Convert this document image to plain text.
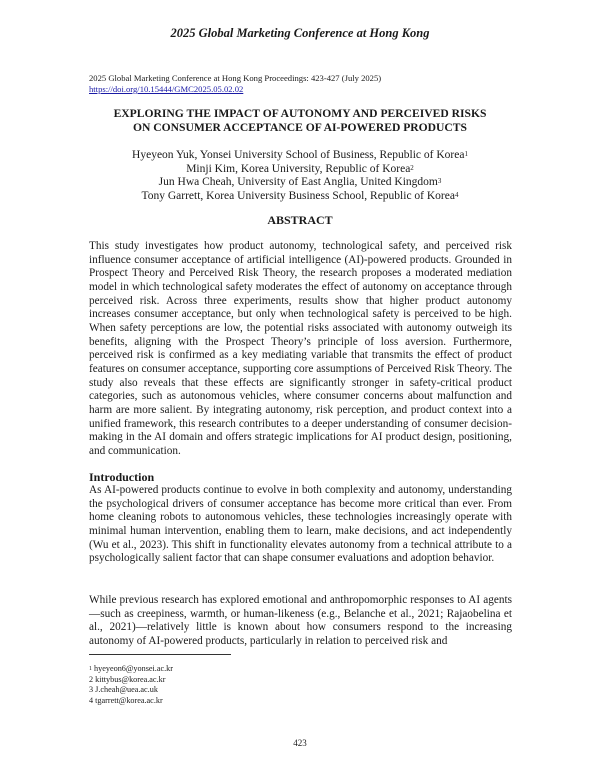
2025 Global Marketing Conference at Hong Kong
2025 Global Marketing Conference at Hong Kong Proceedings: 423-427 (July 2025)
https://doi.org/10.15444/GMC2025.05.02.02
EXPLORING THE IMPACT OF AUTONOMY AND PERCEIVED RISKS
ON CONSUMER ACCEPTANCE OF AI-POWERED PRODUCTS
Hyeyeon Yuk, Yonsei University School of Business, Republic of Korea$^1$
Minji Kim, Korea University, Republic of Korea$^2$
Jun Hwa Cheah, University of East Anglia, United Kingdom$^3$
Tony Garrett, Korea University Business School, Republic of Korea$^4$
ABSTRACT
This study investigates how product autonomy, technological safety, and perceived risk influence consumer acceptance of artificial intelligence (AI)-powered products. Grounded in Prospect Theory and Perceived Risk Theory, the research proposes a moderated mediation model in which technological safety moderates the effect of autonomy on acceptance through perceived risk. Across three experiments, results show that higher product autonomy increases consumer acceptance, but only when technological safety is perceived to be high. When safety perceptions are low, the potential risks associated with autonomy outweigh its benefits, aligning with the Prospect Theory’s principle of loss aversion. Furthermore, perceived risk is confirmed as a key mediating variable that transmits the effect of product features on consumer acceptance, supporting core assumptions of Perceived Risk Theory. The study also reveals that these effects are significantly stronger in safety-critical product categories, such as autonomous vehicles, where consumer concerns about malfunction and harm are more salient. By integrating autonomy, risk perception, and product context into a unified framework, this research contributes to a deeper understanding of consumer decision-making in the AI domain and offers strategic implications for AI product design, positioning, and communication.
Introduction
As AI-powered products continue to evolve in both complexity and autonomy, understanding the psychological drivers of consumer acceptance has become more critical than ever. From home cleaning robots to autonomous vehicles, these technologies increasingly operate with minimal human intervention, enabling them to learn, make decisions, and act independently (Wu et al., 2023). This shift in functionality elevates autonomy from a technical attribute to a psychologically salient factor that can shape consumer evaluations and adoption behavior.
While previous research has explored emotional and anthropomorphic responses to AI agents—such as creepiness, warmth, or human-likeness (e.g., Belanche et al., 2021; Rajaobelina et al., 2021)—relatively little is known about how consumers respond to the increasing autonomy of AI-powered products, particularly in relation to perceived risk and
$^1$ hyeyeon6@yonsei.ac.kr
2 kittybus@korea.ac.kr
3 J.cheah@uea.ac.uk
4 tgarrett@korea.ac.kr
423
